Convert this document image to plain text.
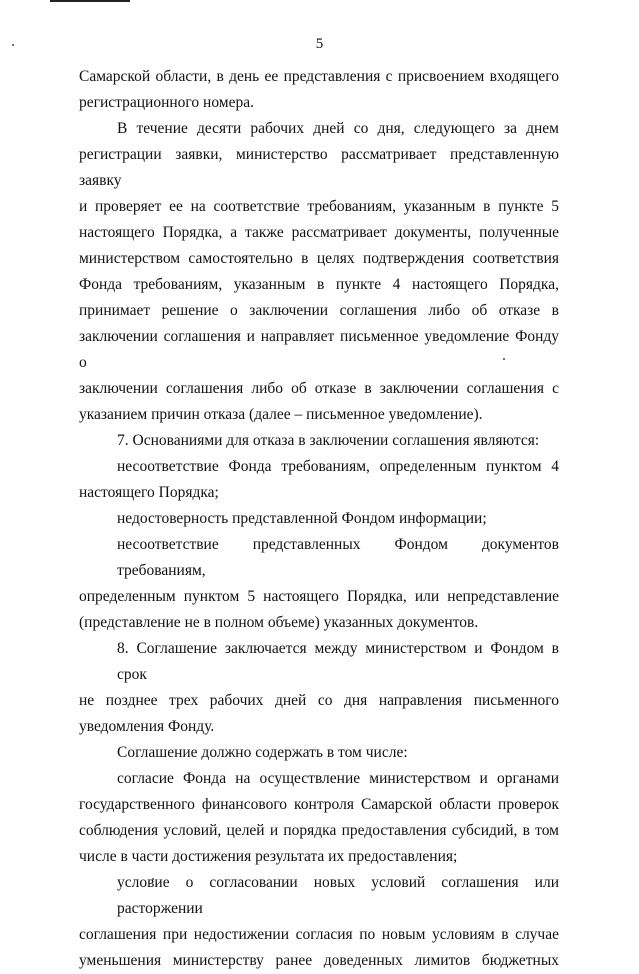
5
Самарской области, в день ее представления с присвоением входящего
регистрационного номера.
В течение десяти рабочих дней со дня, следующего за днем
регистрации заявки, министерство рассматривает представленную заявку
и проверяет ее на соответствие требованиям, указанным в пункте 5
настоящего Порядка, а также рассматривает документы, полученные
министерством самостоятельно в целях подтверждения соответствия
Фонда требованиям, указанным в пункте 4 настоящего Порядка,
принимает решение о заключении соглашения либо об отказе в
заключении соглашения и направляет письменное уведомление Фонду о
заключении соглашения либо об отказе в заключении соглашения с
указанием причин отказа (далее – письменное уведомление).
7. Основаниями для отказа в заключении соглашения являются:
несоответствие Фонда требованиям, определенным пунктом 4
настоящего Порядка;
недостоверность представленной Фондом информации;
несоответствие представленных Фондом документов требованиям,
определенным пунктом 5 настоящего Порядка, или непредставление
(представление не в полном объеме) указанных документов.
8. Соглашение заключается между министерством и Фондом в срок
не позднее трех рабочих дней со дня направления письменного
уведомления Фонду.
Соглашение должно содержать в том числе:
согласие Фонда на осуществление министерством и органами
государственного финансового контроля Самарской области проверок
соблюдения условий, целей и порядка предоставления субсидий, в том
числе в части достижения результата их предоставления;
условие о согласовании новых условий соглашения или расторжении
соглашения при недостижении согласия по новым условиям в случае
уменьшения министерству ранее доведенных лимитов бюджетных
